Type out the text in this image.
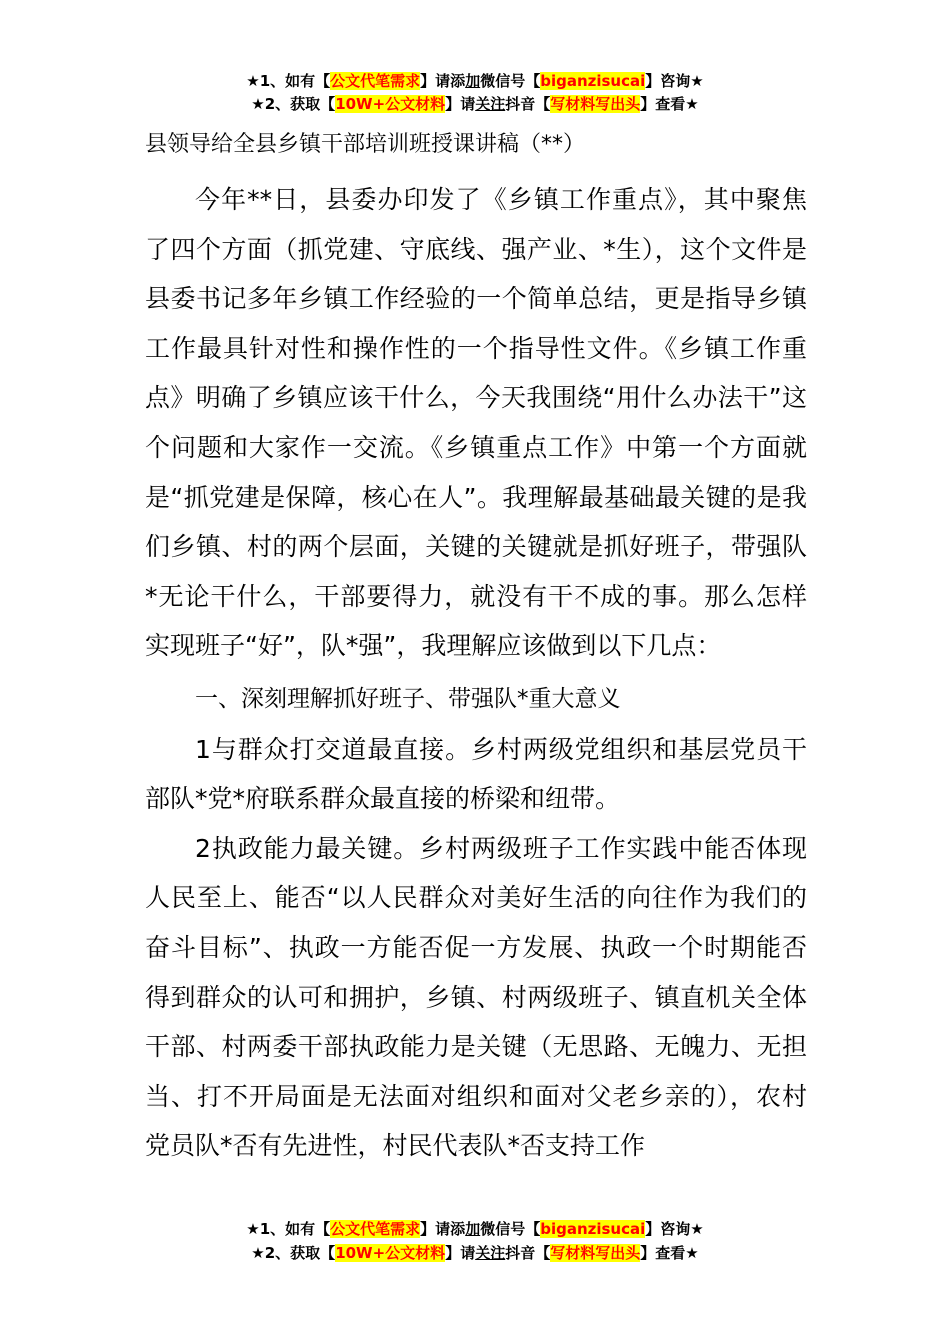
★1、如有【公文代笔需求】请添加微信号【biganzisucai】咨询★
★2、获取【10W+公文材料】请关注抖音【写材料写出头】查看★
县领导给全县乡镇干部培训班授课讲稿（**）

今年**日，县委办印发了《乡镇工作重点》，其中聚焦了四个方面（抓党建、守底线、强产业、*生），这个文件是县委书记多年乡镇工作经验的一个简单总结，更是指导乡镇工作最具针对性和操作性的一个指导性文件。《乡镇工作重点》明确了乡镇应该干什么，今天我围绕“用什么办法干”这个问题和大家作一交流。《乡镇重点工作》中第一个方面就是“抓党建是保障，核心在人”。我理解最基础最关键的是我们乡镇、村的两个层面，关键的关键就是抓好班子，带强队*无论干什么，干部要得力，就没有干不成的事。那么怎样实现班子“好”，队*强”，我理解应该做到以下几点：

一、深刻理解抓好班子、带强队*重大意义

1与群众打交道最直接。乡村两级党组织和基层党员干部队*党*府联系群众最直接的桥梁和纽带。

2执政能力最关键。乡村两级班子工作实践中能否体现人民至上、能否“以人民群众对美好生活的向往作为我们的奋斗目标”、执政一方能否促一方发展、执政一个时期能否得到群众的认可和拥护，乡镇、村两级班子、镇直机关全体干部、村两委干部执政能力是关键（无思路、无魄力、无担当、打不开局面是无法面对组织和面对父老乡亲的），农村党员队*否有先进性，村民代表队*否支持工作

★1、如有【公文代笔需求】请添加微信号【biganzisucai】咨询★
★2、获取【10W+公文材料】请关注抖音【写材料写出头】查看★
